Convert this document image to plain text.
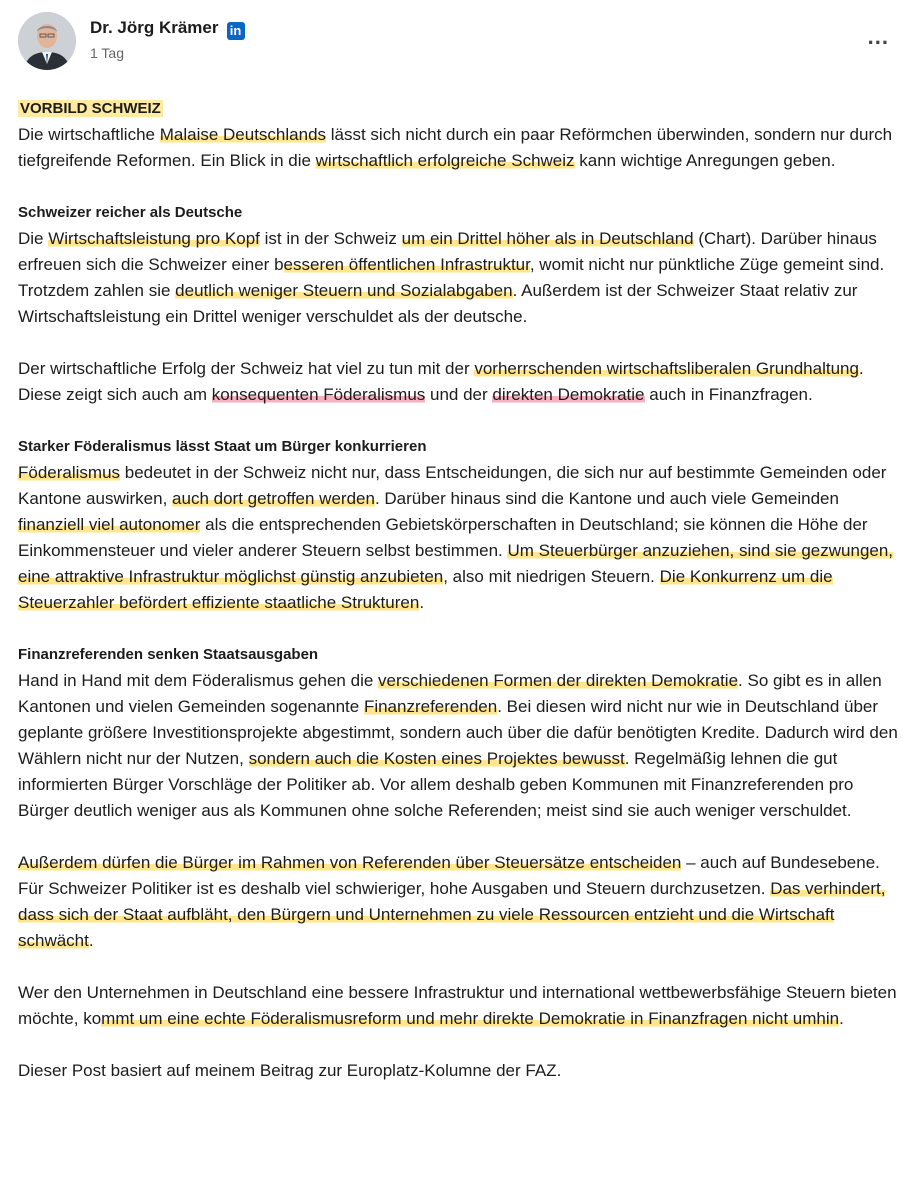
Dr. Jörg Krämer in
1 Tag
...

VORBILD SCHWEIZ

Die wirtschaftliche Malaise Deutschlands lässt sich nicht durch ein paar Reförmchen überwinden, sondern nur durch tiefgreifende Reformen. Ein Blick in die wirtschaftlich erfolgreiche Schweiz kann wichtige Anregungen geben.

Schweizer reicher als Deutsche

Die Wirtschaftsleistung pro Kopf ist in der Schweiz um ein Drittel höher als in Deutschland (Chart). Darüber hinaus erfreuen sich die Schweizer einer besseren öffentlichen Infrastruktur, womit nicht nur pünktliche Züge gemeint sind. Trotzdem zahlen sie deutlich weniger Steuern und Sozialabgaben. Außerdem ist der Schweizer Staat relativ zur Wirtschaftsleistung ein Drittel weniger verschuldet als der deutsche.

Der wirtschaftliche Erfolg der Schweiz hat viel zu tun mit der vorherrschenden wirtschaftsliberalen Grundhaltung. Diese zeigt sich auch am konsequenten Föderalismus und der direkten Demokratie auch in Finanzfragen.

Starker Föderalismus lässt Staat um Bürger konkurrieren

Föderalismus bedeutet in der Schweiz nicht nur, dass Entscheidungen, die sich nur auf bestimmte Gemeinden oder Kantone auswirken, auch dort getroffen werden. Darüber hinaus sind die Kantone und auch viele Gemeinden finanziell viel autonomer als die entsprechenden Gebietskörperschaften in Deutschland; sie können die Höhe der Einkommensteuer und vieler anderer Steuern selbst bestimmen. Um Steuerbürger anzuziehen, sind sie gezwungen, eine attraktive Infrastruktur möglichst günstig anzubieten, also mit niedrigen Steuern. Die Konkurrenz um die Steuerzahler befördert effiziente staatliche Strukturen.

Finanzreferenden senken Staatsausgaben

Hand in Hand mit dem Föderalismus gehen die verschiedenen Formen der direkten Demokratie. So gibt es in allen Kantonen und vielen Gemeinden sogenannte Finanzreferenden. Bei diesen wird nicht nur wie in Deutschland über geplante größere Investitionsprojekte abgestimmt, sondern auch über die dafür benötigten Kredite. Dadurch wird den Wählern nicht nur der Nutzen, sondern auch die Kosten eines Projektes bewusst. Regelmäßig lehnen die gut informierten Bürger Vorschläge der Politiker ab. Vor allem deshalb geben Kommunen mit Finanzreferenden pro Bürger deutlich weniger aus als Kommunen ohne solche Referenden; meist sind sie auch weniger verschuldet.

Außerdem dürfen die Bürger im Rahmen von Referenden über Steuersätze entscheiden – auch auf Bundesebene. Für Schweizer Politiker ist es deshalb viel schwieriger, hohe Ausgaben und Steuern durchzusetzen. Das verhindert, dass sich der Staat aufbläht, den Bürgern und Unternehmen zu viele Ressourcen entzieht und die Wirtschaft schwächt.

Wer den Unternehmen in Deutschland eine bessere Infrastruktur und international wettbewerbsfähige Steuern bieten möchte, kommt um eine echte Föderalismusreform und mehr direkte Demokratie in Finanzfragen nicht umhin.

Dieser Post basiert auf meinem Beitrag zur Europlatz-Kolumne der FAZ.
